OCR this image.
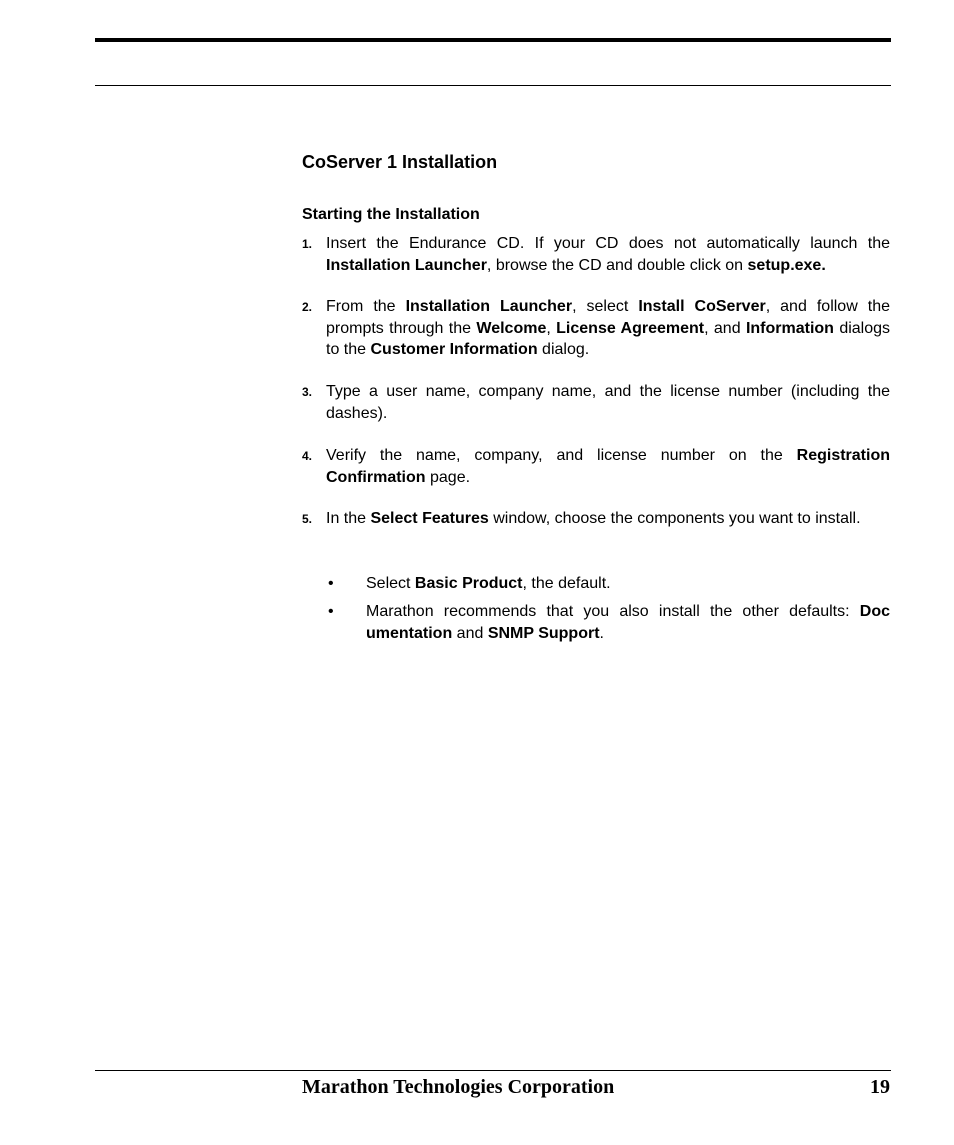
CoServer 1 Installation
Starting the Installation
1. Insert the Endurance CD. If your CD does not automatically launch the Installation Launcher, browse the CD and double click on setup.exe.
2. From the Installation Launcher, select Install CoServer, and follow the prompts through the Welcome, License Agreement, and Information dialogs to the Customer Information dialog.
3. Type a user name, company name, and the license number (including the dashes).
4. Verify the name, company, and license number on the Registration Confirmation page.
5. In the Select Features window, choose the components you want to install.
• Select Basic Product, the default.
• Marathon recommends that you also install the other defaults: Doc umentation and SNMP Support.
Marathon Technologies Corporation	19
